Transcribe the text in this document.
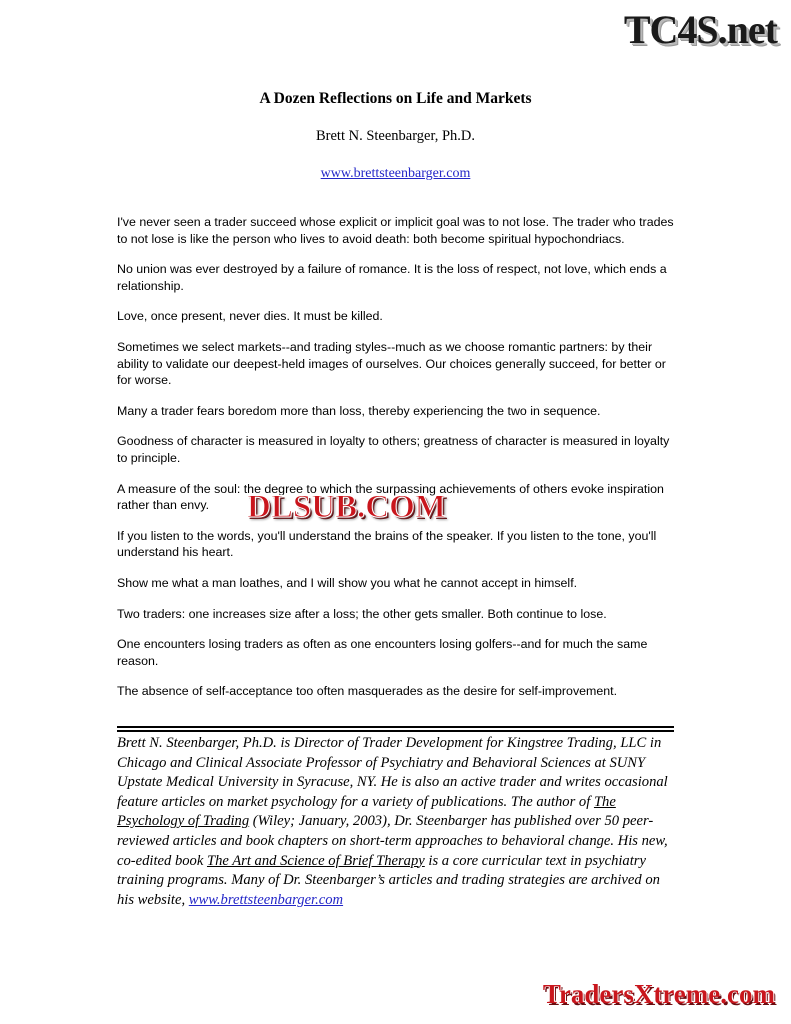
TC4S.net
A Dozen Reflections on Life and Markets
Brett N. Steenbarger, Ph.D.
www.brettsteenbarger.com

I've never seen a trader succeed whose explicit or implicit goal was to not lose. The trader who trades to not lose is like the person who lives to avoid death: both become spiritual hypochondriacs.

No union was ever destroyed by a failure of romance. It is the loss of respect, not love, which ends a relationship.

Love, once present, never dies. It must be killed.

Sometimes we select markets--and trading styles--much as we choose romantic partners: by their ability to validate our deepest-held images of ourselves. Our choices generally succeed, for better or for worse.

Many a trader fears boredom more than loss, thereby experiencing the two in sequence.

Goodness of character is measured in loyalty to others; greatness of character is measured in loyalty to principle.

A measure of the soul: the degree to which the surpassing achievements of others evoke inspiration rather than envy.

If you listen to the words, you'll understand the brains of the speaker. If you listen to the tone, you'll understand his heart.

Show me what a man loathes, and I will show you what he cannot accept in himself.

Two traders: one increases size after a loss; the other gets smaller. Both continue to lose.

One encounters losing traders as often as one encounters losing golfers--and for much the same reason.

The absence of self-acceptance too often masquerades as the desire for self-improvement.

Brett N. Steenbarger, Ph.D. is Director of Trader Development for Kingstree Trading, LLC in Chicago and Clinical Associate Professor of Psychiatry and Behavioral Sciences at SUNY Upstate Medical University in Syracuse, NY. He is also an active trader and writes occasional feature articles on market psychology for a variety of publications. The author of The Psychology of Trading (Wiley; January, 2003), Dr. Steenbarger has published over 50 peer-reviewed articles and book chapters on short-term approaches to behavioral change. His new, co-edited book The Art and Science of Brief Therapy is a core curricular text in psychiatry training programs. Many of Dr. Steenbarger’s articles and trading strategies are archived on his website, www.brettsteenbarger.com
DLSUB.COM
TradersXtreme.com
